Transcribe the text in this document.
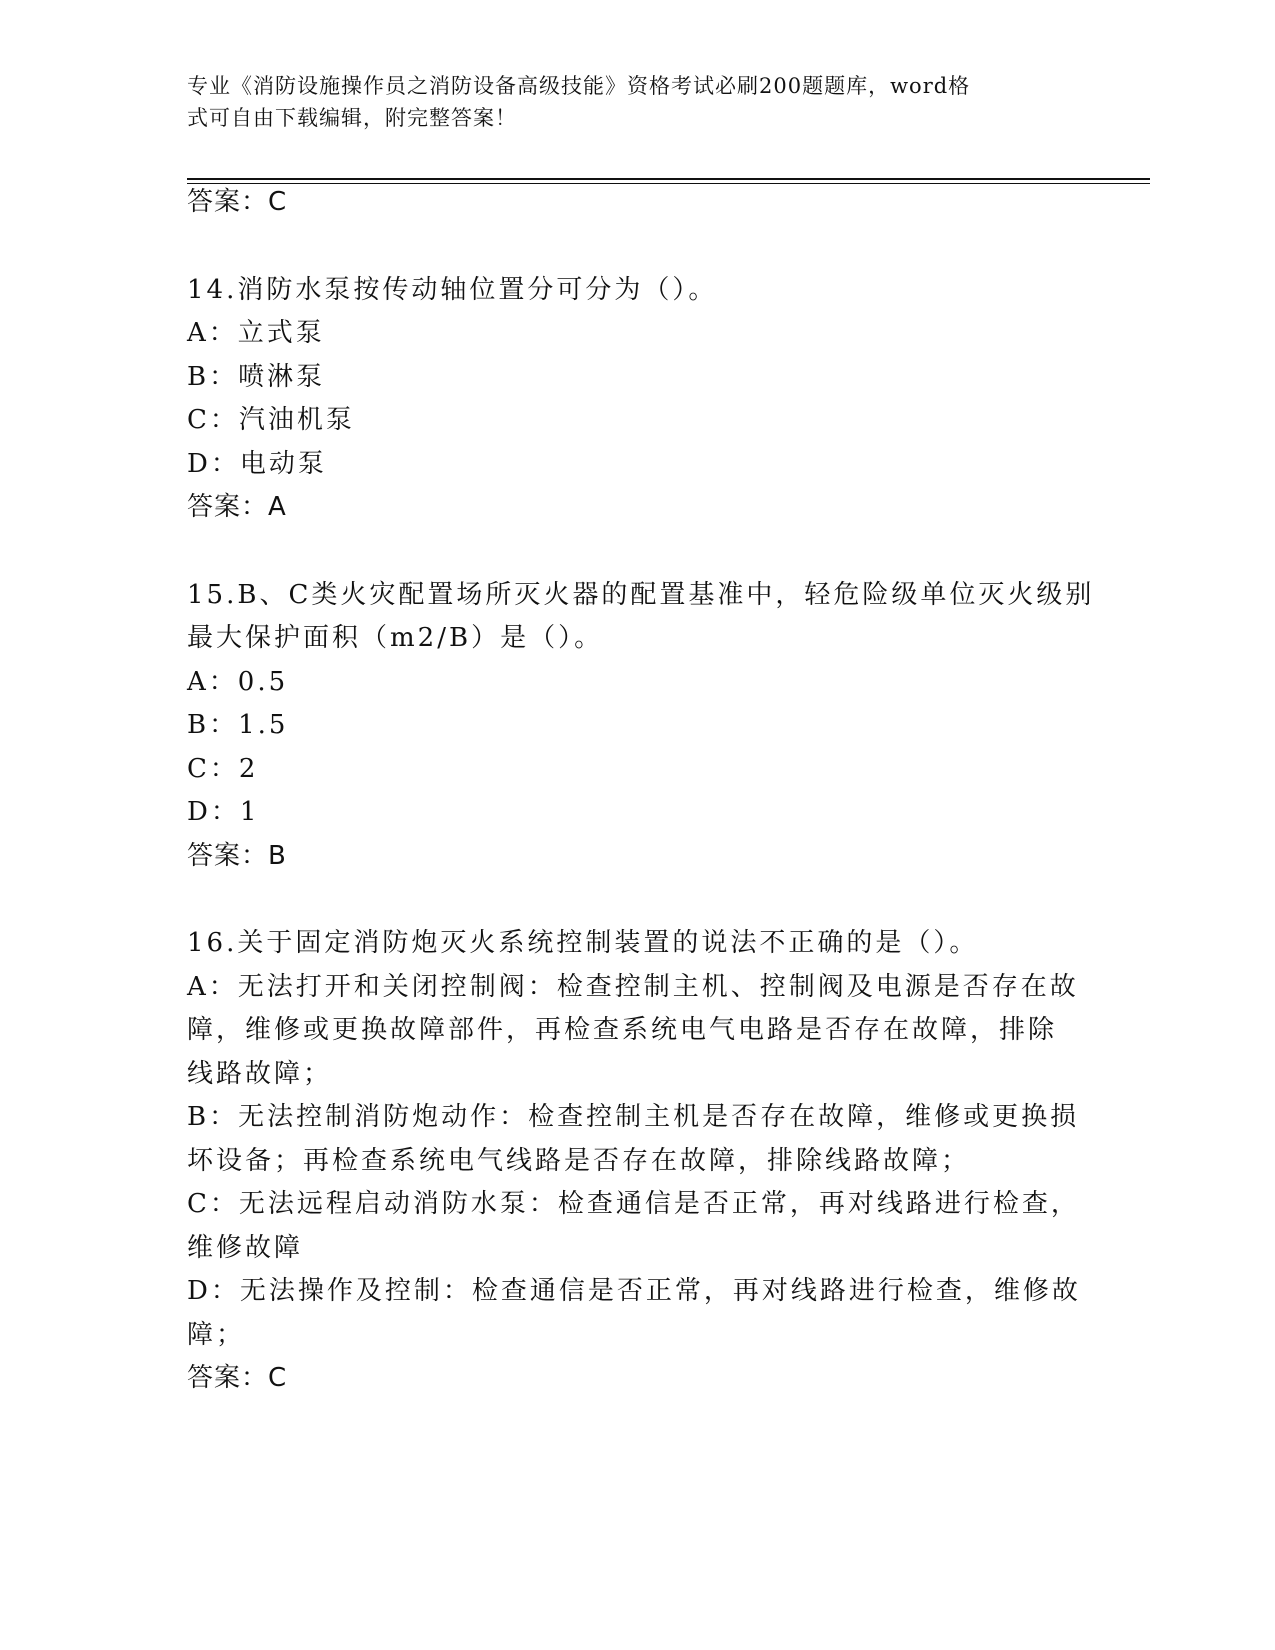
专业《消防设施操作员之消防设备高级技能》资格考试必刷200题题库，word格
式可自由下载编辑，附完整答案！
答案：C
14.消防水泵按传动轴位置分可分为（）。
A：立式泵
B：喷淋泵
C：汽油机泵
D：电动泵
答案：A
15.B、C类火灾配置场所灭火器的配置基准中，轻危险级单位灭火级别
最大保护面积（m2/B）是（）。
A：0.5
B：1.5
C：2
D：1
答案：B
16.关于固定消防炮灭火系统控制装置的说法不正确的是（）。
A：无法打开和关闭控制阀：检查控制主机、控制阀及电源是否存在故
障，维修或更换故障部件，再检查系统电气电路是否存在故障，排除
线路故障；
B：无法控制消防炮动作：检查控制主机是否存在故障，维修或更换损
坏设备；再检查系统电气线路是否存在故障，排除线路故障；
C：无法远程启动消防水泵：检查通信是否正常，再对线路进行检查，
维修故障
D：无法操作及控制：检查通信是否正常，再对线路进行检查，维修故
障；
答案：C
